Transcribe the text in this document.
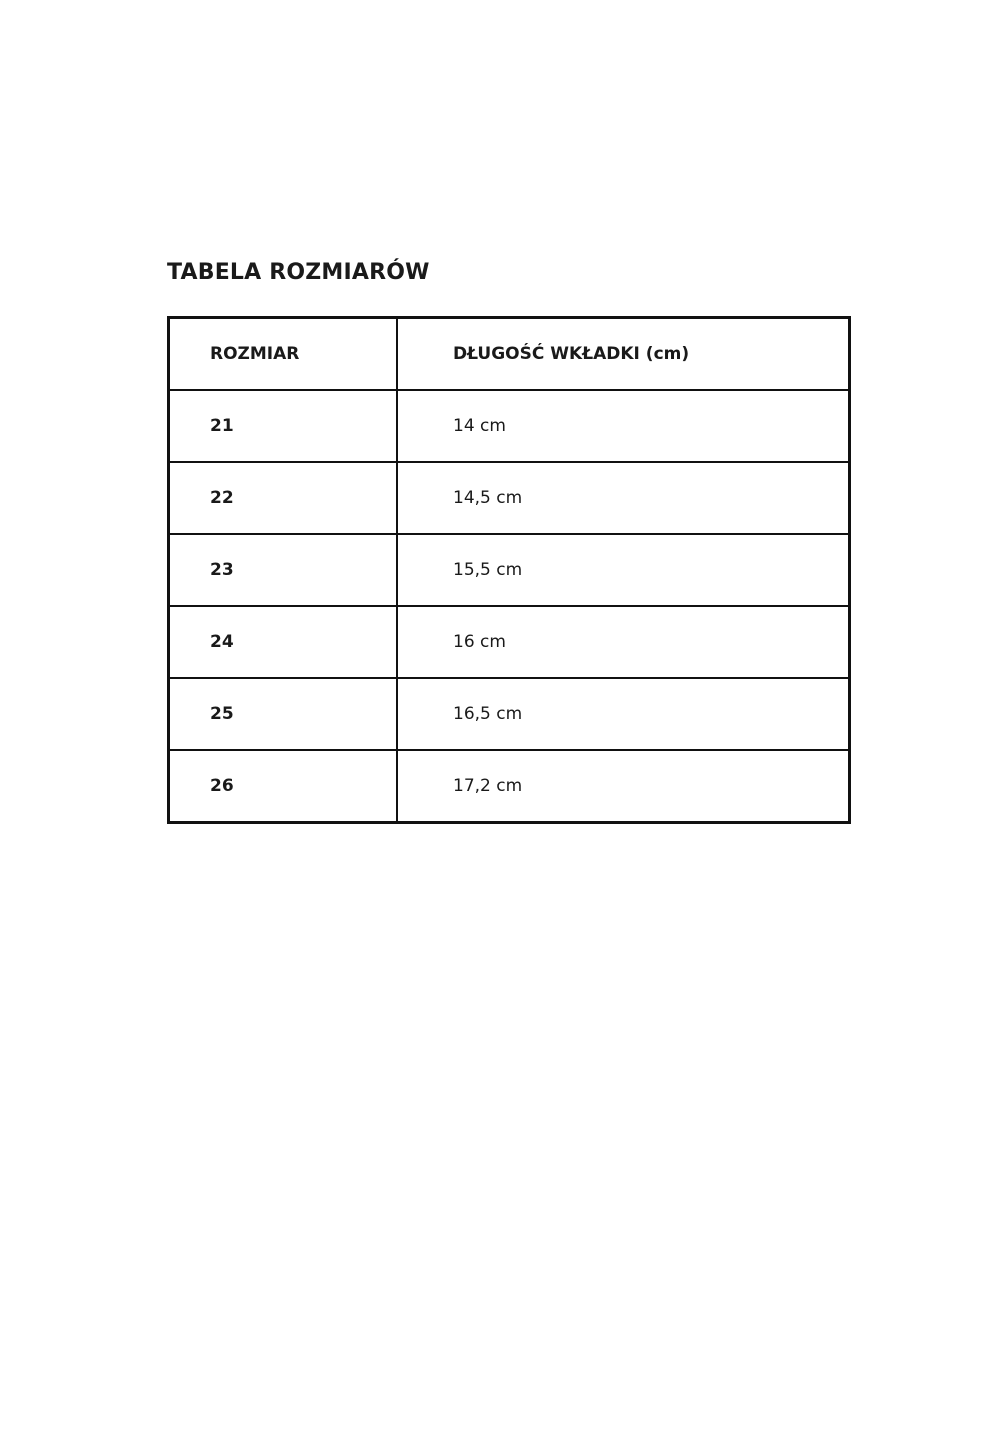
TABELA ROZMIARÓW
ROZMIAR	DŁUGOŚĆ WKŁADKI (cm)

21	14 cm

22	14,5 cm

23	15,5 cm

24	16 cm

25	16,5 cm

26	17,2 cm
